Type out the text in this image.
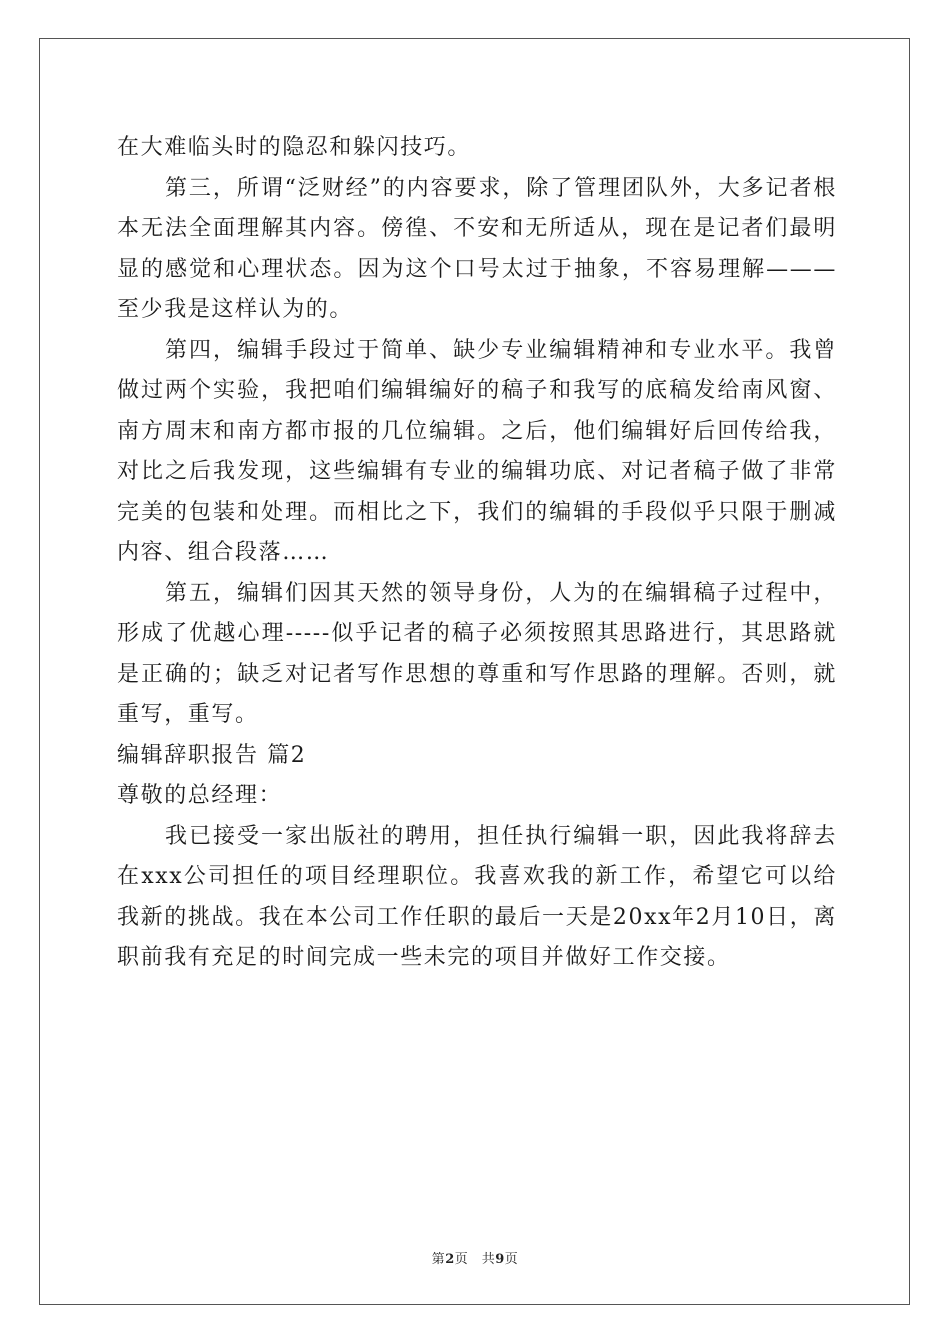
在大难临头时的隐忍和躲闪技巧。

第三，所谓“泛财经”的内容要求，除了管理团队外，大多记者根本无法全面理解其内容。傍徨、不安和无所适从，现在是记者们最明显的感觉和心理状态。因为这个口号太过于抽象，不容易理解———至少我是这样认为的。

第四，编辑手段过于简单、缺少专业编辑精神和专业水平。我曾做过两个实验，我把咱们编辑编好的稿子和我写的底稿发给南风窗、南方周末和南方都市报的几位编辑。之后，他们编辑好后回传给我，对比之后我发现，这些编辑有专业的编辑功底、对记者稿子做了非常完美的包装和处理。而相比之下，我们的编辑的手段似乎只限于删减内容、组合段落……

第五，编辑们因其天然的领导身份，人为的在编辑稿子过程中，形成了优越心理-----似乎记者的稿子必须按照其思路进行，其思路就是正确的；缺乏对记者写作思想的尊重和写作思路的理解。否则，就重写，重写。

编辑辞职报告 篇2

尊敬的总经理：

我已接受一家出版社的聘用，担任执行编辑一职，因此我将辞去在xxx公司担任的项目经理职位。我喜欢我的新工作，希望它可以给我新的挑战。我在本公司工作任职的最后一天是20xx年2月10日，离职前我有充足的时间完成一些未完的项目并做好工作交接。

第2页　共9页
